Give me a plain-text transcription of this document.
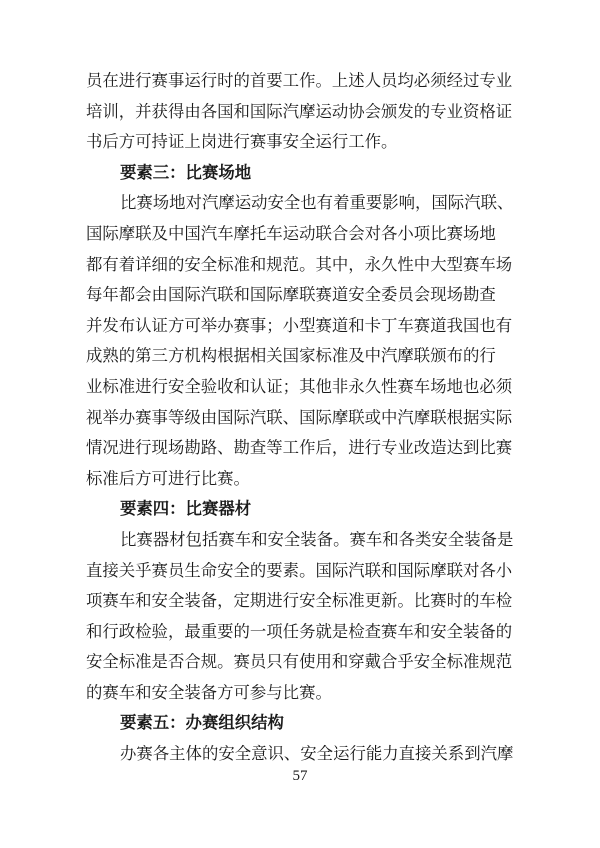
员在进行赛事运行时的首要工作。上述人员均必须经过专业

培训，并获得由各国和国际汽摩运动协会颁发的专业资格证

书后方可持证上岗进行赛事安全运行工作。

要素三：比赛场地

比赛场地对汽摩运动安全也有着重要影响，国际汽联、

国际摩联及中国汽车摩托车运动联合会对各小项比赛场地

都有着详细的安全标准和规范。其中，永久性中大型赛车场

每年都会由国际汽联和国际摩联赛道安全委员会现场勘查

并发布认证方可举办赛事；小型赛道和卡丁车赛道我国也有

成熟的第三方机构根据相关国家标准及中汽摩联颁布的行

业标准进行安全验收和认证；其他非永久性赛车场地也必须

视举办赛事等级由国际汽联、国际摩联或中汽摩联根据实际

情况进行现场勘路、勘查等工作后，进行专业改造达到比赛

标准后方可进行比赛。

要素四：比赛器材

比赛器材包括赛车和安全装备。赛车和各类安全装备是

直接关乎赛员生命安全的要素。国际汽联和国际摩联对各小

项赛车和安全装备，定期进行安全标准更新。比赛时的车检

和行政检验，最重要的一项任务就是检查赛车和安全装备的

安全标准是否合规。赛员只有使用和穿戴合乎安全标准规范

的赛车和安全装备方可参与比赛。

要素五：办赛组织结构

办赛各主体的安全意识、安全运行能力直接关系到汽摩

57
